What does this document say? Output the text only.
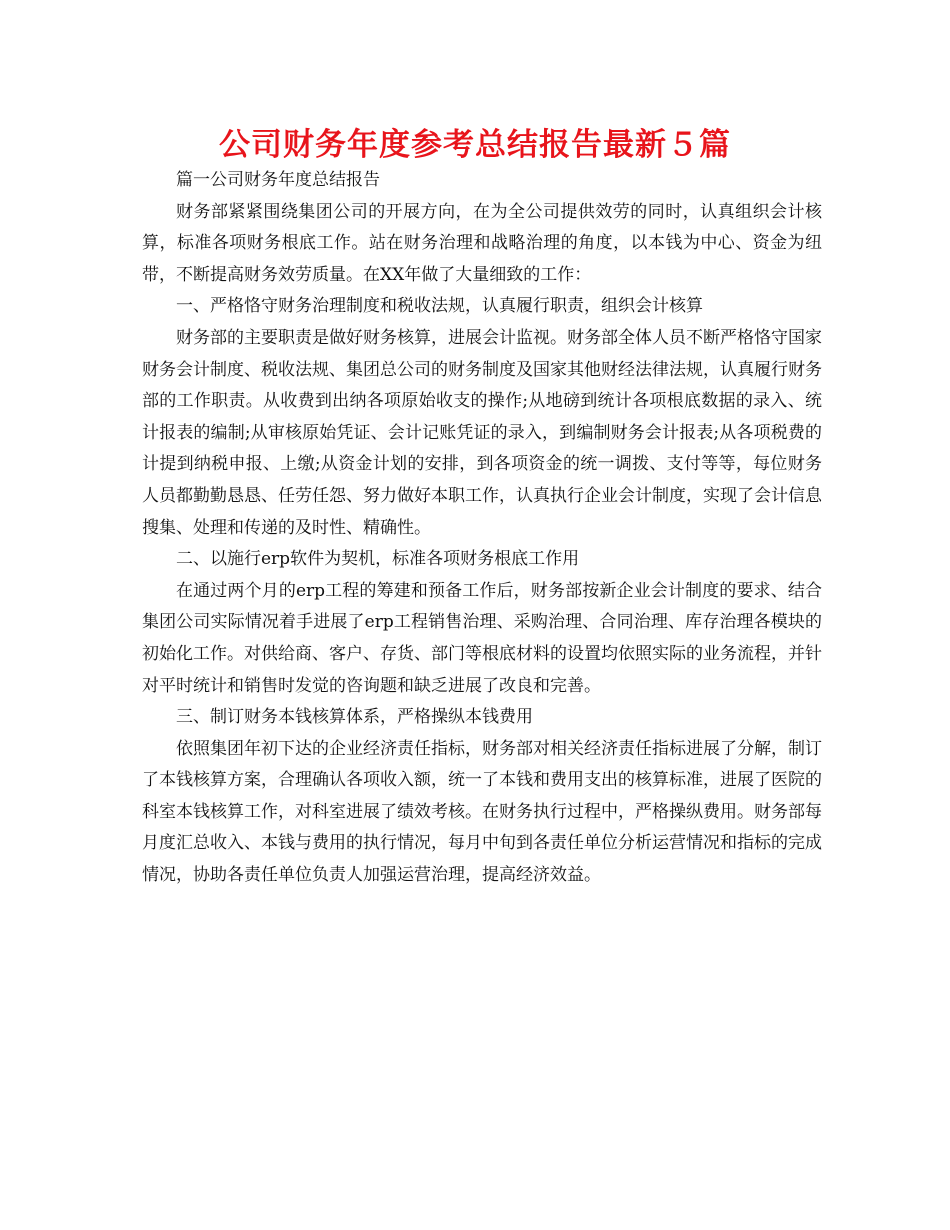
公司财务年度参考总结报告最新５篇

篇一公司财务年度总结报告

财务部紧紧围绕集团公司的开展方向，在为全公司提供效劳的同时，认真组织会计核算，标准各项财务根底工作。站在财务治理和战略治理的角度，以本钱为中心、资金为纽带，不断提高财务效劳质量。在XX年做了大量细致的工作：

一、严格恪守财务治理制度和税收法规，认真履行职责，组织会计核算

财务部的主要职责是做好财务核算，进展会计监视。财务部全体人员不断严格恪守国家财务会计制度、税收法规、集团总公司的财务制度及国家其他财经法律法规，认真履行财务部的工作职责。从收费到出纳各项原始收支的操作;从地磅到统计各项根底数据的录入、统计报表的编制;从审核原始凭证、会计记账凭证的录入，到编制财务会计报表;从各项税费的计提到纳税申报、上缴;从资金计划的安排，到各项资金的统一调拨、支付等等，每位财务人员都勤勤恳恳、任劳任怨、努力做好本职工作，认真执行企业会计制度，实现了会计信息搜集、处理和传递的及时性、精确性。

二、以施行erp软件为契机，标准各项财务根底工作用

在通过两个月的erp工程的筹建和预备工作后，财务部按新企业会计制度的要求、结合集团公司实际情况着手进展了erp工程销售治理、采购治理、合同治理、库存治理各模块的初始化工作。对供给商、客户、存货、部门等根底材料的设置均依照实际的业务流程，并针对平时统计和销售时发觉的咨询题和缺乏进展了改良和完善。

三、制订财务本钱核算体系，严格操纵本钱费用

依照集团年初下达的企业经济责任指标，财务部对相关经济责任指标进展了分解，制订了本钱核算方案，合理确认各项收入额，统一了本钱和费用支出的核算标准，进展了医院的科室本钱核算工作，对科室进展了绩效考核。在财务执行过程中，严格操纵费用。财务部每月度汇总收入、本钱与费用的执行情况，每月中旬到各责任单位分析运营情况和指标的完成情况，协助各责任单位负责人加强运营治理，提高经济效益。
